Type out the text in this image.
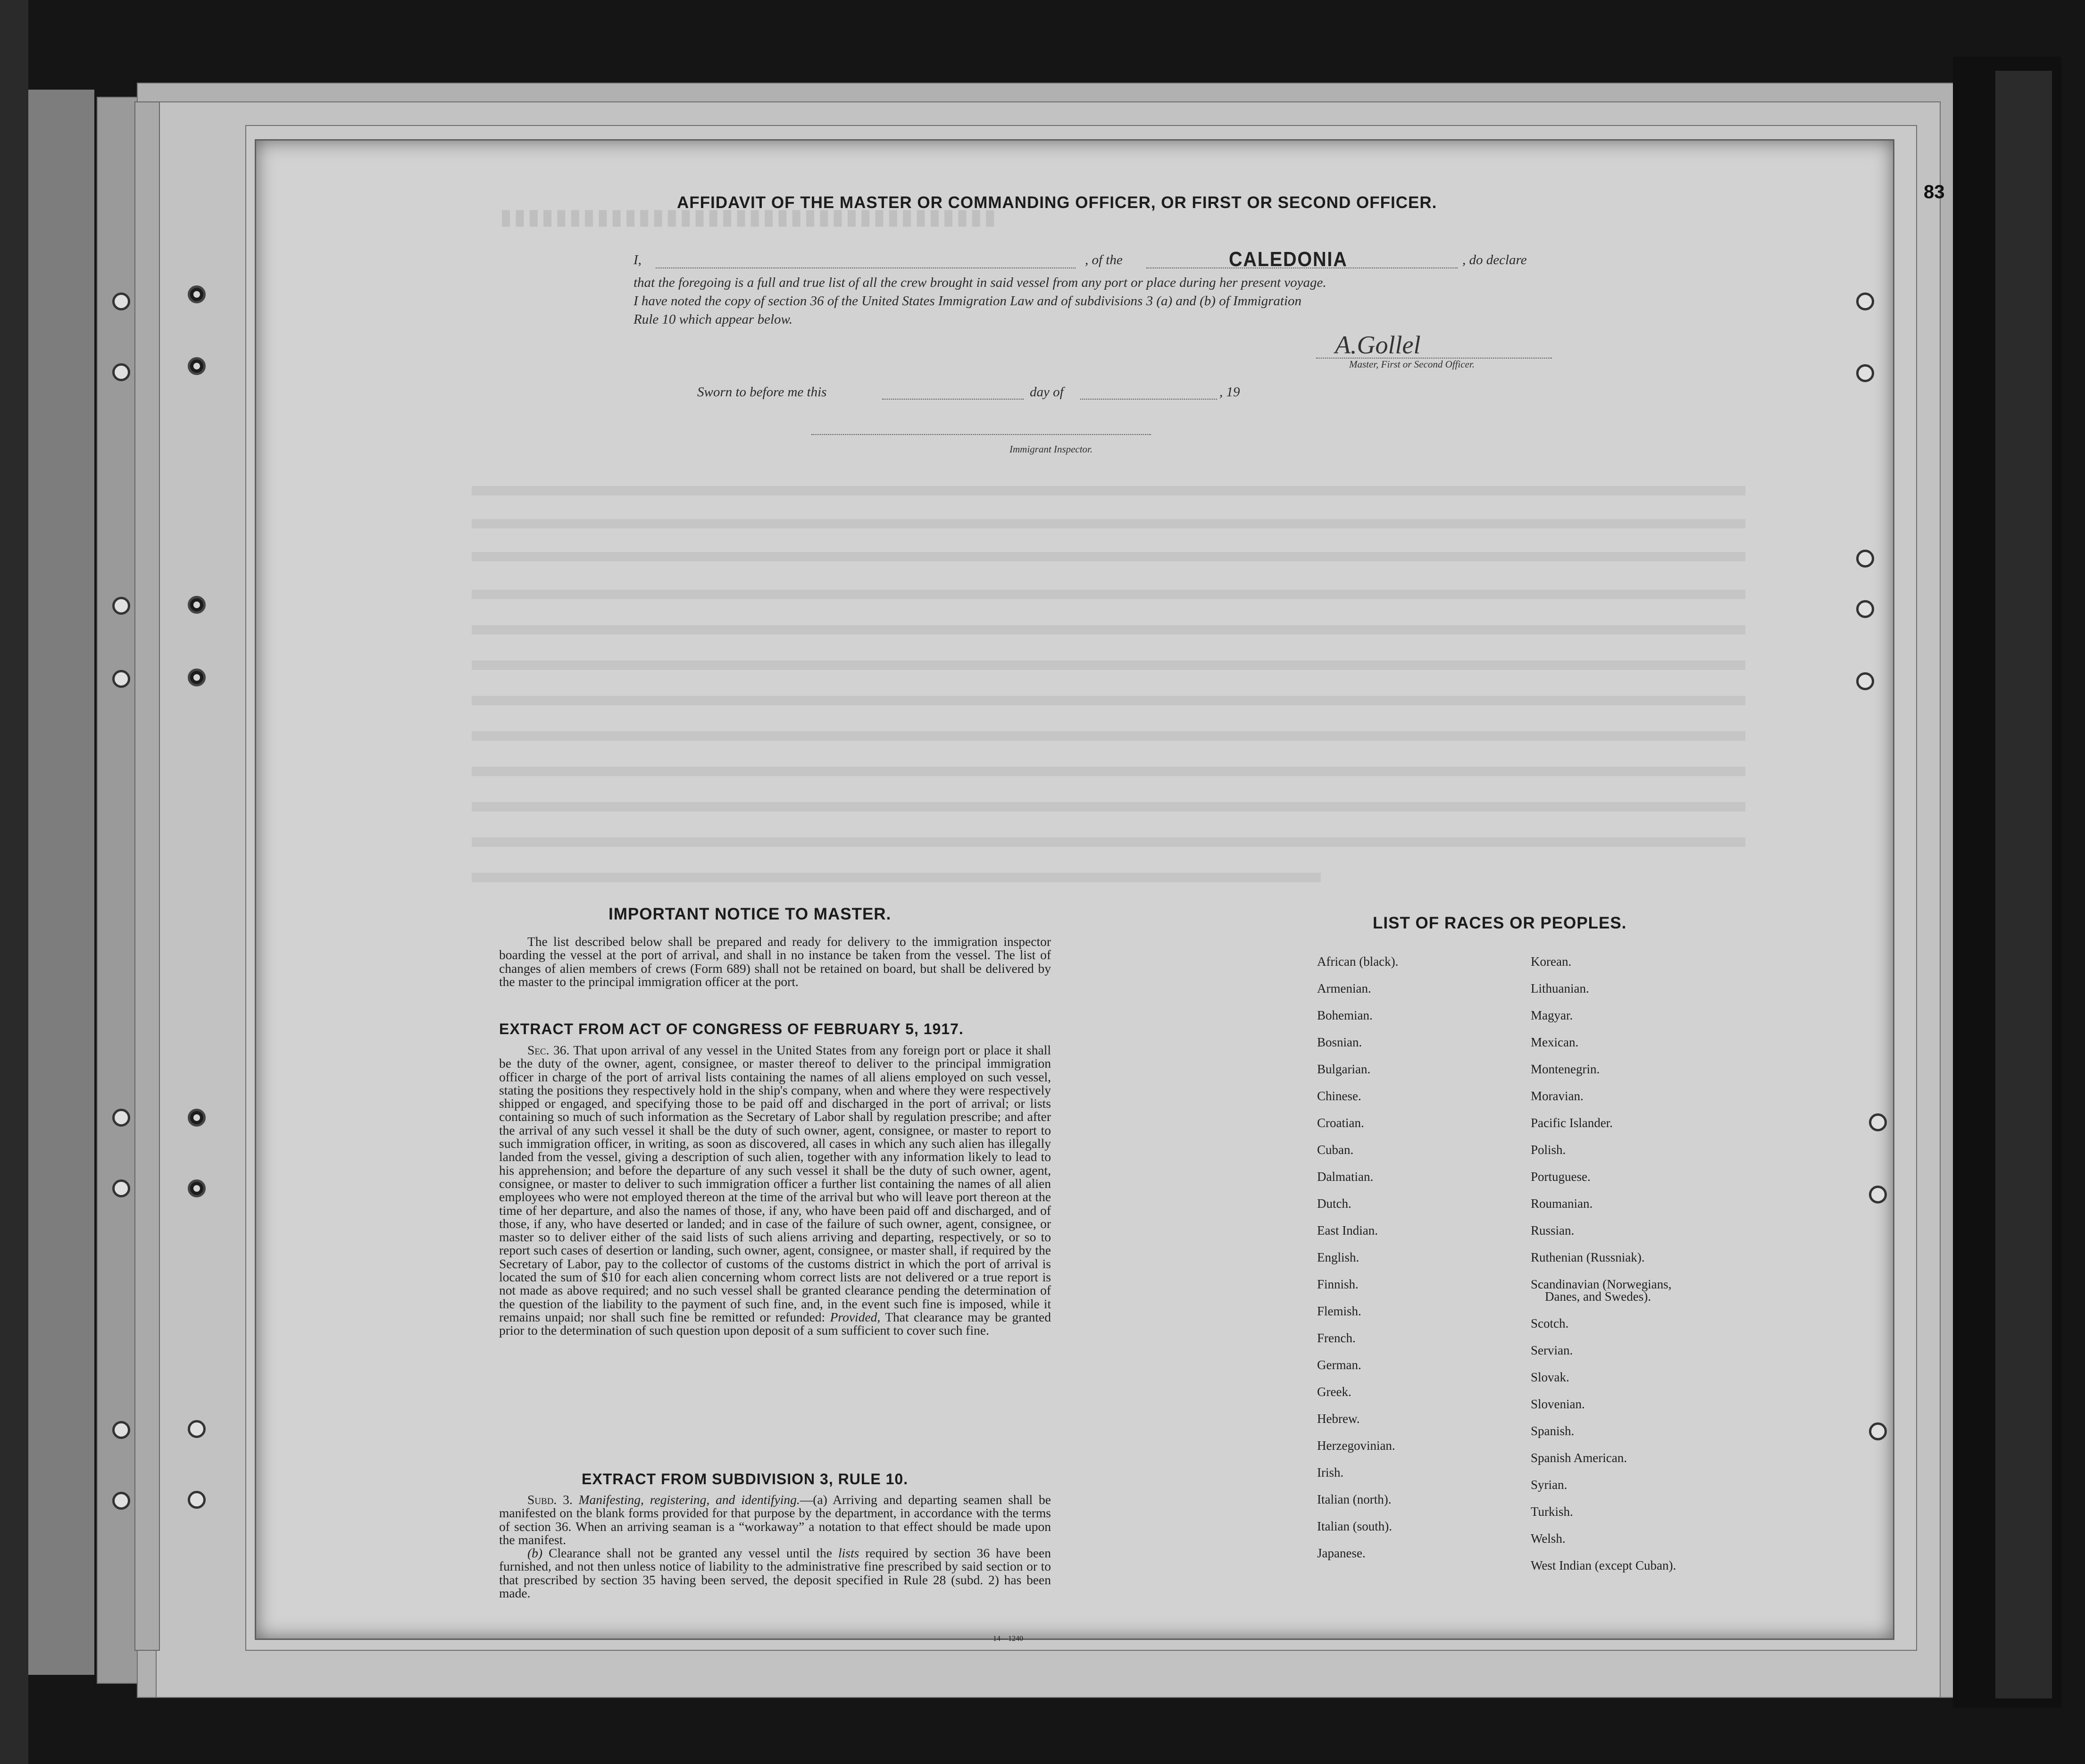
▮▮▮▮▮▮▮▮▮▮▮▮▮▮▮▮▮▮▮▮▮▮▮▮▮▮▮▮▮▮▮▮▮▮▮▮
83
AFFIDAVIT OF THE MASTER OR COMMANDING OFFICER, OR FIRST OR SECOND OFFICER.
I,	, of the	CALEDONIA	, do declare
that the foregoing is a full and true list of all the crew brought in said vessel from any port or place during her present voyage.
I have noted the copy of section 36 of the United States Immigration Law and of subdivisions 3 (a) and (b) of Immigration
Rule 10 which appear below.
A.Gollel
Master, First or Second Officer.
Sworn to before me this	day of	, 19
Immigrant Inspector.
IMPORTANT NOTICE TO MASTER.
The list described below shall be prepared and ready for delivery to the immigration inspector boarding the vessel at the port of arrival, and shall in no instance be taken from the vessel. The list of changes of alien members of crews (Form 689) shall not be retained on board, but shall be delivered by the master to the principal immigration officer at the port.
EXTRACT FROM ACT OF CONGRESS OF FEBRUARY 5, 1917.
Sec. 36. That upon arrival of any vessel in the United States from any foreign port or place it shall be the duty of the owner, agent, consignee, or master thereof to deliver to the principal immigration officer in charge of the port of arrival lists containing the names of all aliens employed on such vessel, stating the positions they respectively hold in the ship's company, when and where they were respectively shipped or engaged, and specifying those to be paid off and discharged in the port of arrival; or lists containing so much of such information as the Secretary of Labor shall by regulation prescribe; and after the arrival of any such vessel it shall be the duty of such owner, agent, consignee, or master to report to such immigration officer, in writing, as soon as discovered, all cases in which any such alien has illegally landed from the vessel, giving a description of such alien, together with any information likely to lead to his apprehension; and before the departure of any such vessel it shall be the duty of such owner, agent, consignee, or master to deliver to such immigration officer a further list containing the names of all alien employees who were not employed thereon at the time of the arrival but who will leave port thereon at the time of her departure, and also the names of those, if any, who have been paid off and discharged, and of those, if any, who have deserted or landed; and in case of the failure of such owner, agent, consignee, or master so to deliver either of the said lists of such aliens arriving and departing, respectively, or so to report such cases of desertion or landing, such owner, agent, consignee, or master shall, if required by the Secretary of Labor, pay to the collector of customs of the customs district in which the port of arrival is located the sum of $10 for each alien concerning whom correct lists are not delivered or a true report is not made as above required; and no such vessel shall be granted clearance pending the determination of the question of the liability to the payment of such fine, and, in the event such fine is imposed, while it remains unpaid; nor shall such fine be remitted or refunded: Provided, That clearance may be granted prior to the determination of such question upon deposit of a sum sufficient to cover such fine.
EXTRACT FROM SUBDIVISION 3, RULE 10.
Subd. 3. Manifesting, registering, and identifying.—(a) Arriving and departing seamen shall be manifested on the blank forms provided for that purpose by the department, in accordance with the terms of section 36. When an arriving seaman is a “workaway” a notation to that effect should be made upon the manifest.
(b) Clearance shall not be granted any vessel until the lists required by section 36 have been furnished, and not then unless notice of liability to the administrative fine prescribed by said section or to that prescribed by section 35 having been served, the deposit specified in Rule 28 (subd. 2) has been made.
LIST OF RACES OR PEOPLES.
African (black).
Armenian.
Bohemian.
Bosnian.
Bulgarian.
Chinese.
Croatian.
Cuban.
Dalmatian.
Dutch.
East Indian.
English.
Finnish.
Flemish.
French.
German.
Greek.
Hebrew.
Herzegovinian.
Irish.
Italian (north).
Italian (south).
Japanese.
Korean.
Lithuanian.
Magyar.
Mexican.
Montenegrin.
Moravian.
Pacific Islander.
Polish.
Portuguese.
Roumanian.
Russian.
Ruthenian (Russniak).
Scandinavian (Norwegians,
Danes, and Swedes).
Scotch.
Servian.
Slovak.
Slovenian.
Spanish.
Spanish American.
Syrian.
Turkish.
Welsh.
West Indian (except Cuban).
14—1240
